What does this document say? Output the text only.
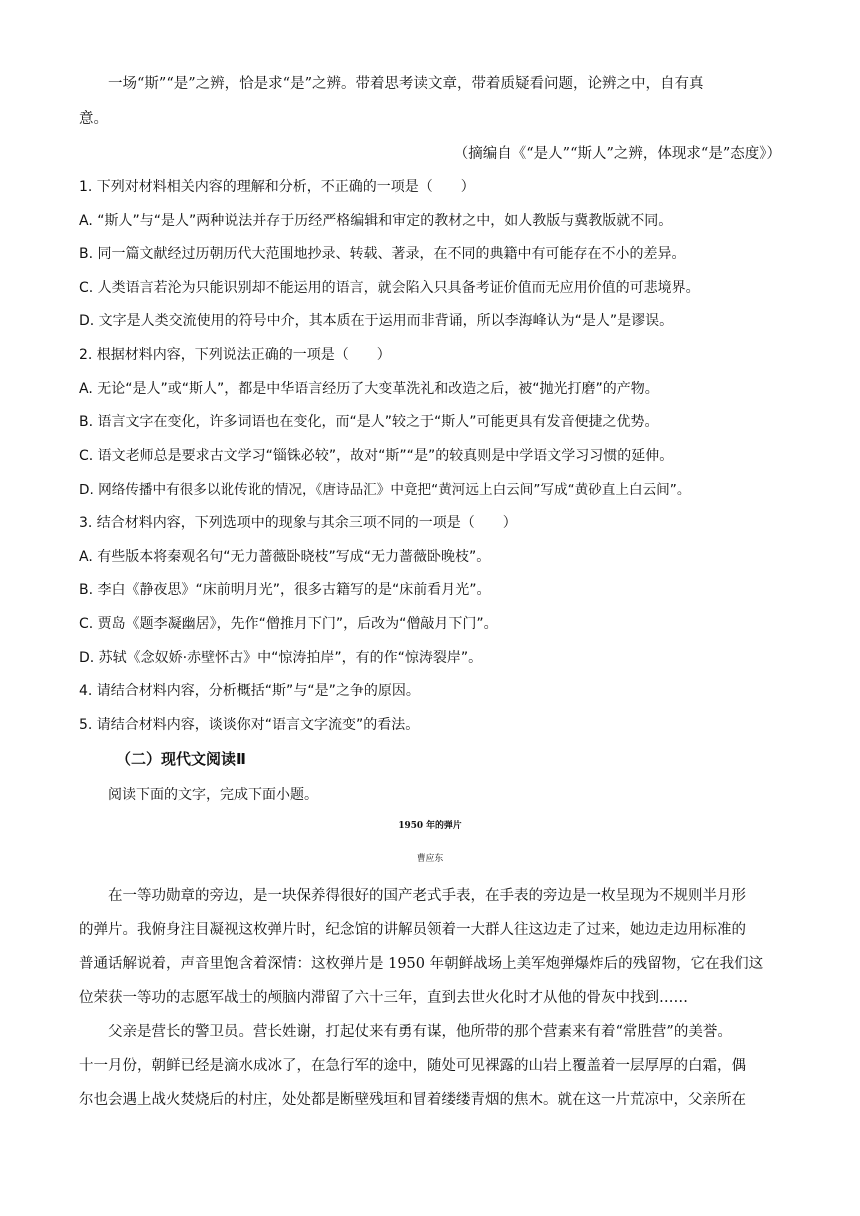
一场“斯”“是”之辨，恰是求“是”之辨。带着思考读文章，带着质疑看问题，论辨之中，自有真
意。
（摘编自《“是人”“斯人”之辨，体现求“是”态度》）
1. 下列对材料相关内容的理解和分析，不正确的一项是（　　）
A. “斯人”与“是人”两种说法并存于历经严格编辑和审定的教材之中，如人教版与冀教版就不同。
B. 同一篇文献经过历朝历代大范围地抄录、转载、著录，在不同的典籍中有可能存在不小的差异。
C. 人类语言若沦为只能识别却不能运用的语言，就会陷入只具备考证价值而无应用价值的可悲境界。
D. 文字是人类交流使用的符号中介，其本质在于运用而非背诵，所以李海峰认为“是人”是谬误。
2. 根据材料内容，下列说法正确的一项是（　　）
A. 无论“是人”或“斯人”，都是中华语言经历了大变革洗礼和改造之后，被“抛光打磨”的产物。
B. 语言文字在变化，许多词语也在变化，而“是人”较之于“斯人”可能更具有发音便捷之优势。
C. 语文老师总是要求古文学习“锱铢必较”，故对“斯”“是”的较真则是中学语文学习习惯的延伸。
D. 网络传播中有很多以讹传讹的情况，《唐诗品汇》中竟把“黄河远上白云间”写成“黄砂直上白云间”。
3. 结合材料内容，下列选项中的现象与其余三项不同的一项是（　　）
A. 有些版本将秦观名句“无力蔷薇卧晓枝”写成“无力蔷薇卧晚枝”。
B. 李白《静夜思》“床前明月光”，很多古籍写的是“床前看月光”。
C. 贾岛《题李凝幽居》，先作“僧推月下门”，后改为“僧敲月下门”。
D. 苏轼《念奴娇·赤壁怀古》中“惊涛拍岸”，有的作“惊涛裂岸”。
4. 请结合材料内容，分析概括“斯”与“是”之争的原因。
5. 请结合材料内容，谈谈你对“语言文字流变”的看法。
（二）现代文阅读Ⅱ
阅读下面的文字，完成下面小题。
1950 年的弹片
曹应东
在一等功勋章的旁边，是一块保养得很好的国产老式手表，在手表的旁边是一枚呈现为不规则半月形
的弹片。我俯身注目凝视这枚弹片时，纪念馆的讲解员领着一大群人往这边走了过来，她边走边用标准的
普通话解说着，声音里饱含着深情：这枚弹片是 1950 年朝鲜战场上美军炮弹爆炸后的残留物，它在我们这
位荣获一等功的志愿军战士的颅脑内滞留了六十三年，直到去世火化时才从他的骨灰中找到……
父亲是营长的警卫员。营长姓谢，打起仗来有勇有谋，他所带的那个营素来有着“常胜营”的美誉。
十一月份，朝鲜已经是滴水成冰了，在急行军的途中，随处可见裸露的山岩上覆盖着一层厚厚的白霜，偶
尔也会遇上战火焚烧后的村庄，处处都是断壁残垣和冒着缕缕青烟的焦木。就在这一片荒凉中，父亲所在
